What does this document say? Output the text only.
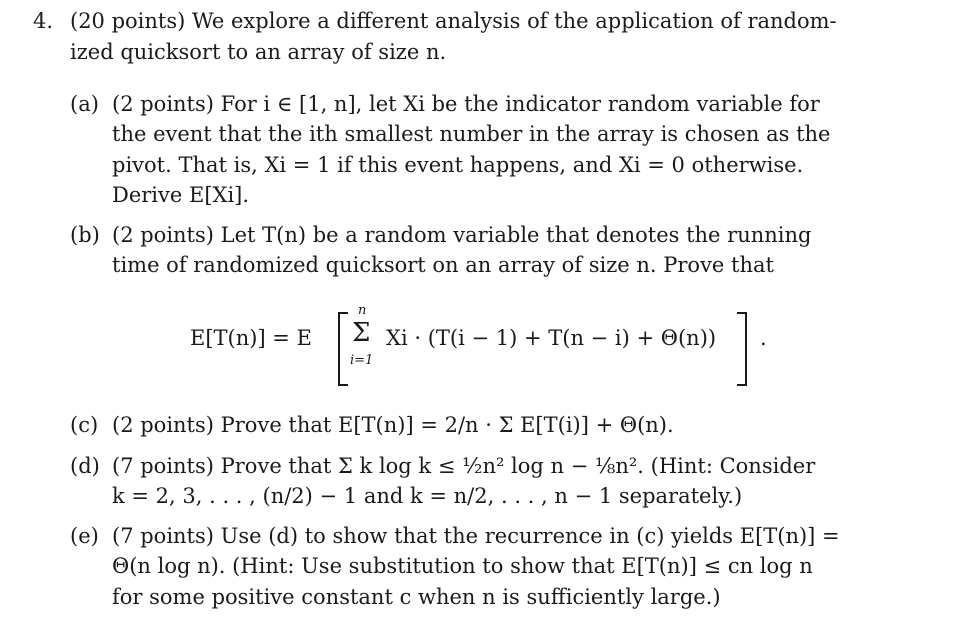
4. (20 points) We explore a different analysis of the application of random-
ized quicksort to an array of size n.
(a) (2 points) For i ∈ [1, n], let Xi be the indicator random variable for
the event that the ith smallest number in the array is chosen as the
pivot. That is, Xi = 1 if this event happens, and Xi = 0 otherwise.
Derive E[Xi].
(b) (2 points) Let T(n) be a random variable that denotes the running
time of randomized quicksort on an array of size n. Prove that
E[T(n)] = E Σ
n
i=1
Xi · (T(i − 1) + T(n − i) + Θ(n)) .
(c) (2 points) Prove that E[T(n)] = 2/n · Σ E[T(i)] + Θ(n).
(d) (7 points) Prove that Σ k log k ≤ ½n² log n − ⅛n². (Hint: Consider
k = 2, 3, . . . , (n/2) − 1 and k = n/2, . . . , n − 1 separately.)
(e) (7 points) Use (d) to show that the recurrence in (c) yields E[T(n)] =
Θ(n log n). (Hint: Use substitution to show that E[T(n)] ≤ cn log n
for some positive constant c when n is sufficiently large.)
